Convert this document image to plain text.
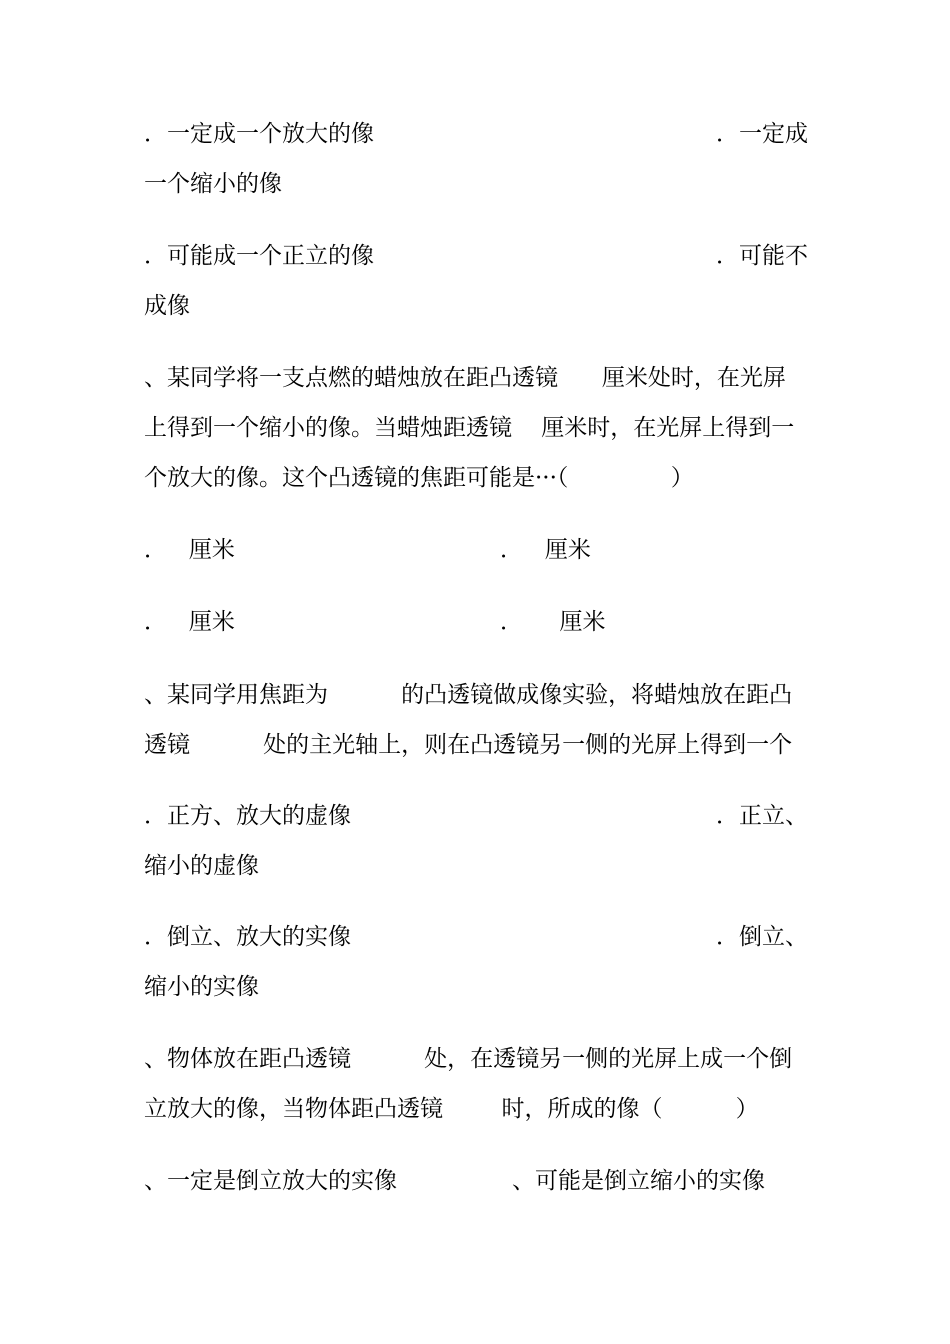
．一定成一个放大的像	．一定成
一个缩小的像
．可能成一个正立的像	．可能不
成像
、某同学将一支点燃的蜡烛放在距凸透镜      厘米处时，在光屏
上得到一个缩小的像。当蜡烛距透镜    厘米时，在光屏上得到一
个放大的像。这个凸透镜的焦距可能是···（              ）
．   厘米	．   厘米
．   厘米	．     厘米
、某同学用焦距为          的凸透镜做成像实验，将蜡烛放在距凸
透镜          处的主光轴上，则在凸透镜另一侧的光屏上得到一个
．正方、放大的虚像	．正立、
缩小的虚像
．倒立、放大的实像	．倒立、
缩小的实像
、物体放在距凸透镜          处，在透镜另一侧的光屏上成一个倒
立放大的像，当物体距凸透镜        时，所成的像（          ）
、一定是倒立放大的实像	、可能是倒立缩小的实像
